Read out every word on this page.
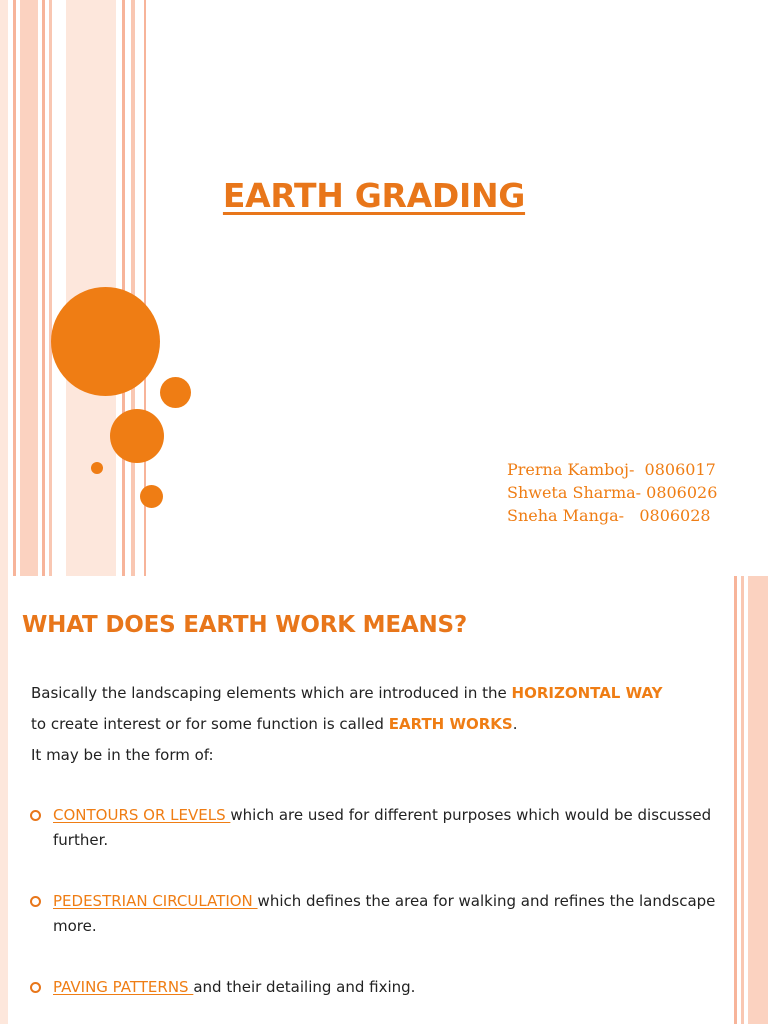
EARTH GRADING
Prerna Kamboj-  0806017
Shweta Sharma- 0806026
Sneha Manga-   0806028
WHAT DOES EARTH WORK MEANS?
Basically the landscaping elements which are introduced in the HORIZONTAL WAY
to create interest or for some function is called EARTH WORKS.
It may be in the form of:
CONTOURS OR LEVELS which are used for different purposes which would be discussed further.
PEDESTRIAN CIRCULATION which defines the area for walking and refines the landscape more.
PAVING PATTERNS and their detailing and fixing.
